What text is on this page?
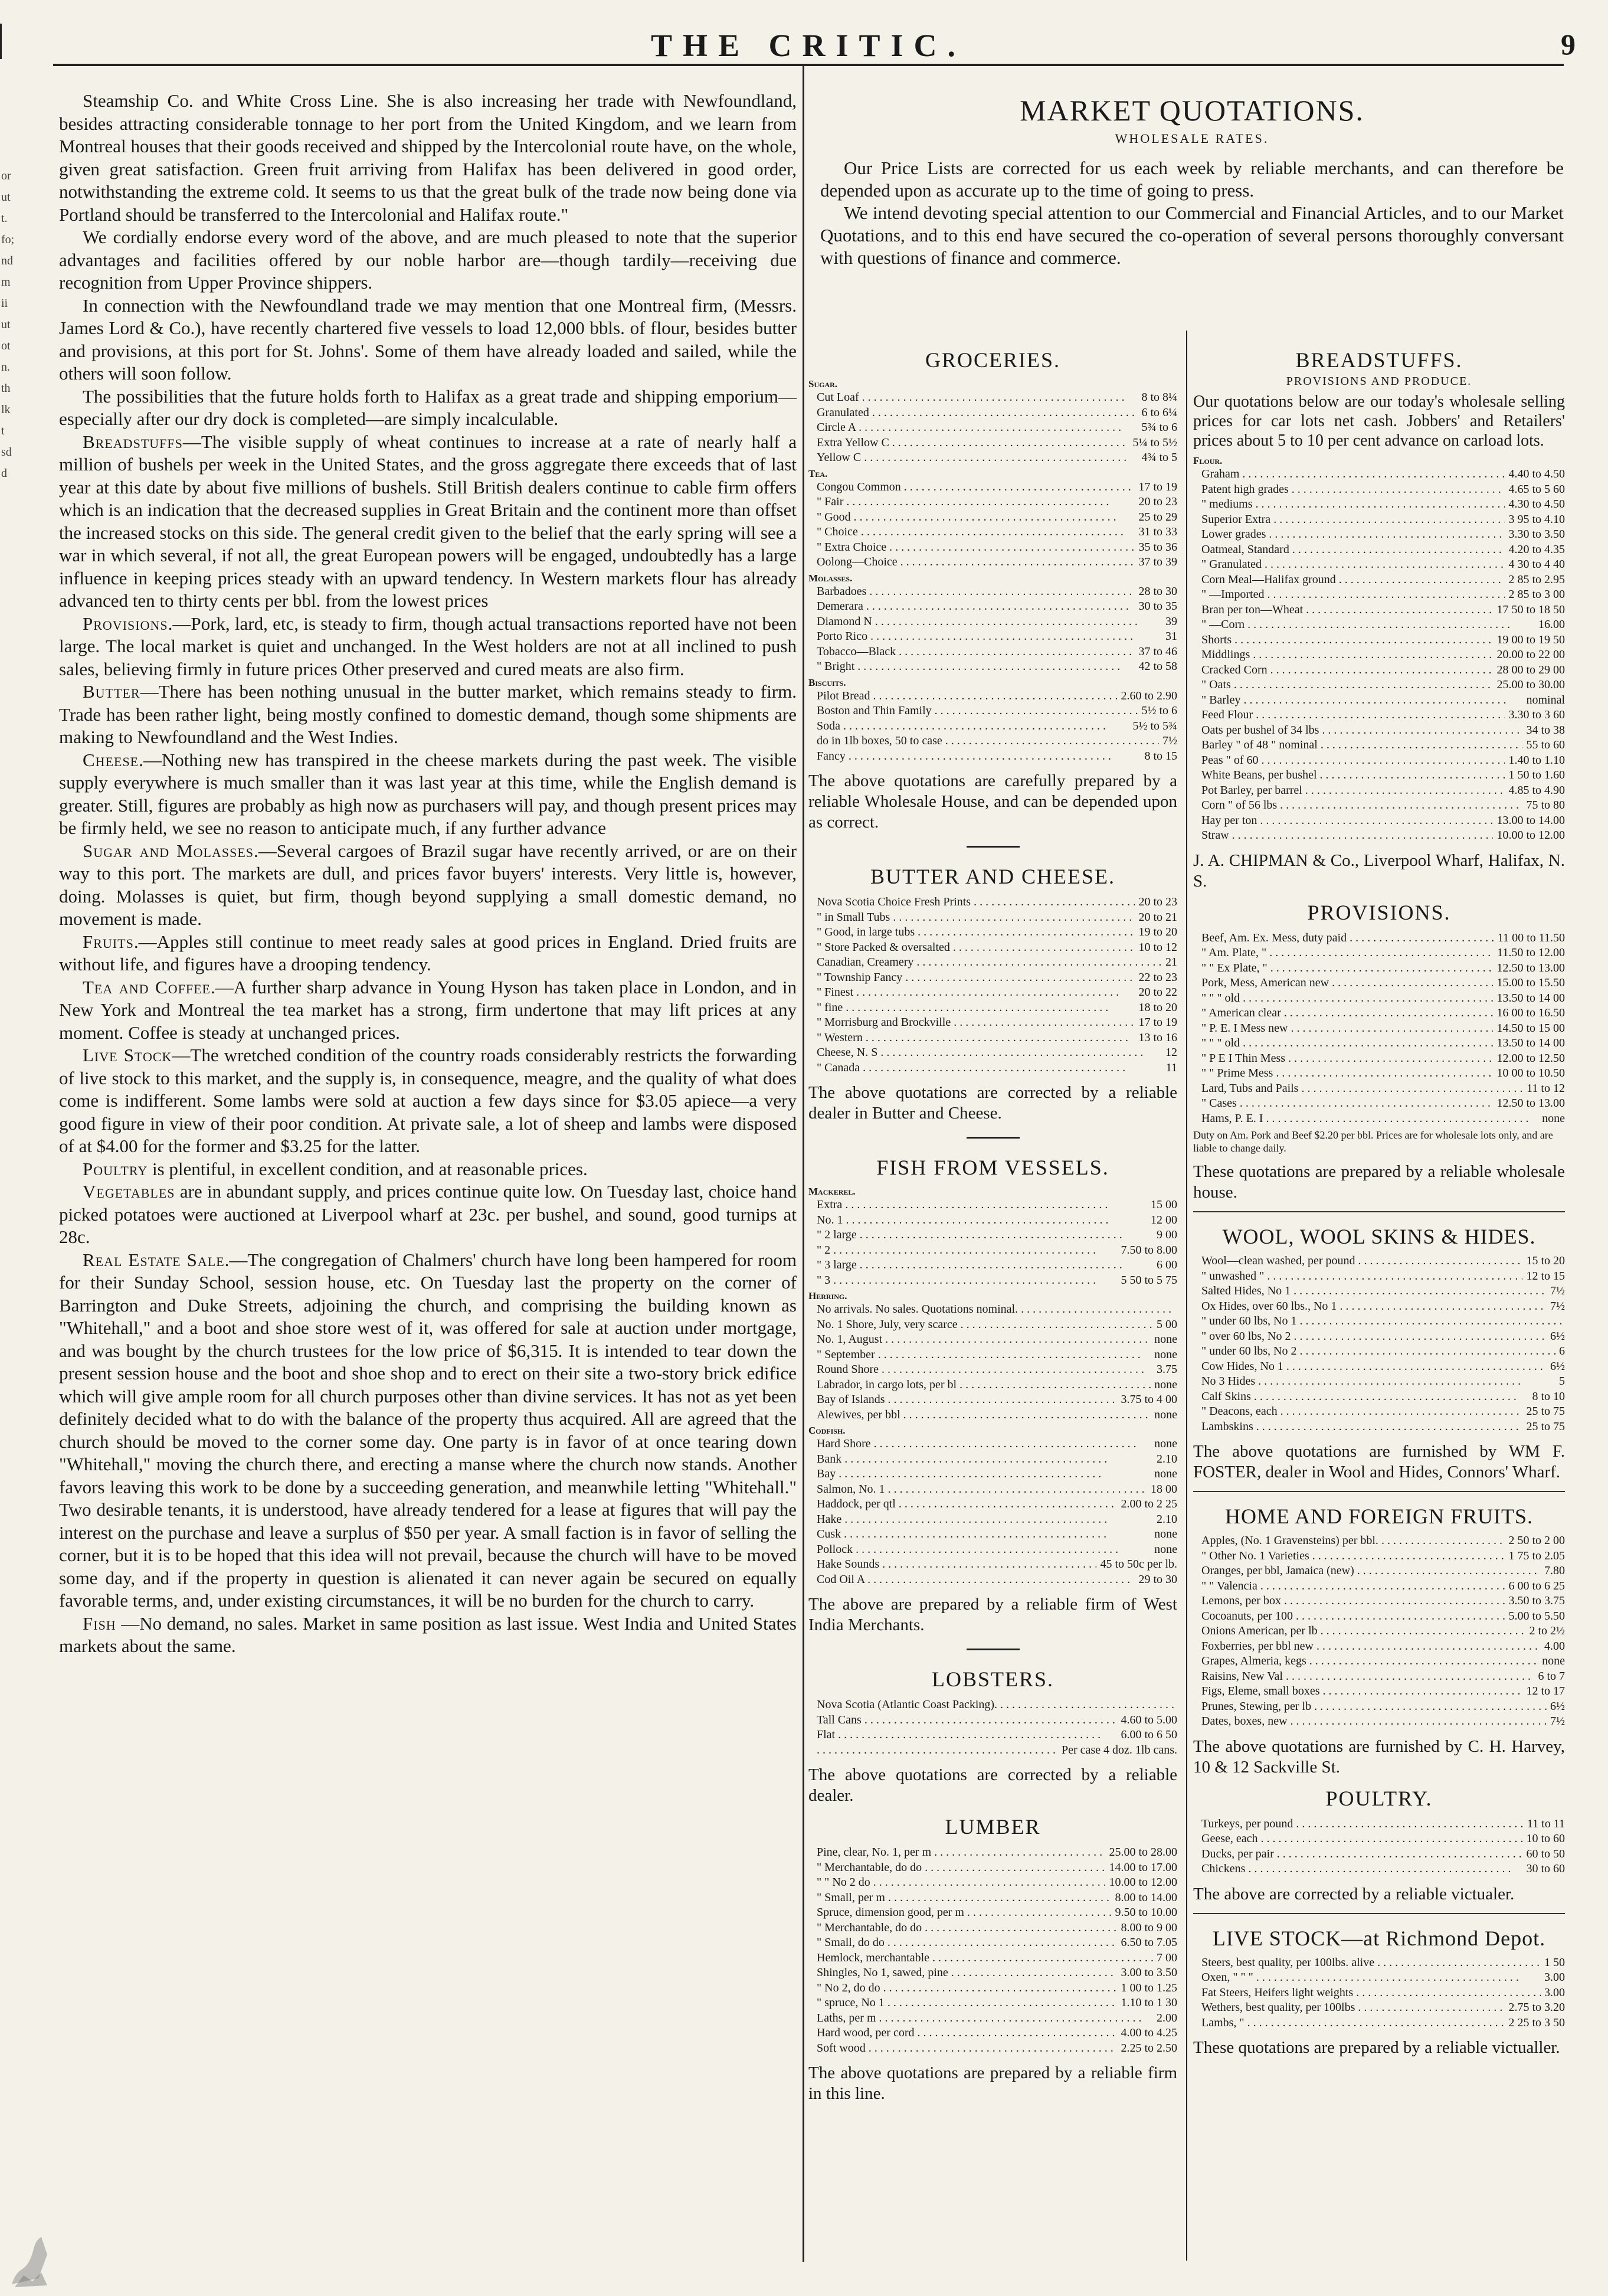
THE CRITIC.	9
or
ut
t.
fo;
nd
m
ii
ut
ot
n.
th
lk
t
sd
d

Steamship Co. and White Cross Line. She is also increasing her trade with Newfoundland, besides attracting considerable tonnage to her port from the United Kingdom, and we learn from Montreal houses that their goods received and shipped by the Intercolonial route have, on the whole, given great satisfaction. Green fruit arriving from Halifax has been delivered in good order, notwithstanding the extreme cold. It seems to us that the great bulk of the trade now being done via Portland should be transferred to the Intercolonial and Halifax route."

We cordially endorse every word of the above, and are much pleased to note that the superior advantages and facilities offered by our noble harbor are—though tardily—receiving due recognition from Upper Province shippers.

In connection with the Newfoundland trade we may mention that one Montreal firm, (Messrs. James Lord & Co.), have recently chartered five vessels to load 12,000 bbls. of flour, besides butter and provisions, at this port for St. Johns'. Some of them have already loaded and sailed, while the others will soon follow.

The possibilities that the future holds forth to Halifax as a great trade and shipping emporium—especially after our dry dock is completed—are simply incalculable.

Breadstuffs—The visible supply of wheat continues to increase at a rate of nearly half a million of bushels per week in the United States, and the gross aggregate there exceeds that of last year at this date by about five millions of bushels. Still British dealers continue to cable firm offers which is an indication that the decreased supplies in Great Britain and the continent more than offset the increased stocks on this side. The general credit given to the belief that the early spring will see a war in which several, if not all, the great European powers will be engaged, undoubtedly has a large influence in keeping prices steady with an upward tendency. In Western markets flour has already advanced ten to thirty cents per bbl. from the lowest prices

Provisions.—Pork, lard, etc, is steady to firm, though actual transactions reported have not been large. The local market is quiet and unchanged. In the West holders are not at all inclined to push sales, believing firmly in future prices Other preserved and cured meats are also firm.

Butter—There has been nothing unusual in the butter market, which remains steady to firm. Trade has been rather light, being mostly confined to domestic demand, though some shipments are making to Newfoundland and the West Indies.

Cheese.—Nothing new has transpired in the cheese markets during the past week. The visible supply everywhere is much smaller than it was last year at this time, while the English demand is greater. Still, figures are probably as high now as purchasers will pay, and though present prices may be firmly held, we see no reason to anticipate much, if any further advance

Sugar and Molasses.—Several cargoes of Brazil sugar have recently arrived, or are on their way to this port. The markets are dull, and prices favor buyers' interests. Very little is, however, doing. Molasses is quiet, but firm, though beyond supplying a small domestic demand, no movement is made.

Fruits.—Apples still continue to meet ready sales at good prices in England. Dried fruits are without life, and figures have a drooping tendency.

Tea and Coffee.—A further sharp advance in Young Hyson has taken place in London, and in New York and Montreal the tea market has a strong, firm undertone that may lift prices at any moment. Coffee is steady at unchanged prices.

Live Stock—The wretched condition of the country roads considerably restricts the forwarding of live stock to this market, and the supply is, in consequence, meagre, and the quality of what does come is indifferent. Some lambs were sold at auction a few days since for $3.05 apiece—a very good figure in view of their poor condition. At private sale, a lot of sheep and lambs were disposed of at $4.00 for the former and $3.25 for the latter.

Poultry is plentiful, in excellent condition, and at reasonable prices.

Vegetables are in abundant supply, and prices continue quite low. On Tuesday last, choice hand picked potatoes were auctioned at Liverpool wharf at 23c. per bushel, and sound, good turnips at 28c.

Real Estate Sale.—The congregation of Chalmers' church have long been hampered for room for their Sunday School, session house, etc. On Tuesday last the property on the corner of Barrington and Duke Streets, adjoining the church, and comprising the building known as "Whitehall," and a boot and shoe store west of it, was offered for sale at auction under mortgage, and was bought by the church trustees for the low price of $6,315. It is intended to tear down the present session house and the boot and shoe shop and to erect on their site a two-story brick edifice which will give ample room for all church purposes other than divine services. It has not as yet been definitely decided what to do with the balance of the property thus acquired. All are agreed that the church should be moved to the corner some day. One party is in favor of at once tearing down "Whitehall," moving the church there, and erecting a manse where the church now stands. Another favors leaving this work to be done by a succeeding generation, and meanwhile letting "Whitehall." Two desirable tenants, it is understood, have already tendered for a lease at figures that will pay the interest on the purchase and leave a surplus of $50 per year. A small faction is in favor of selling the corner, but it is to be hoped that this idea will not prevail, because the church will have to be moved some day, and if the property in question is alienated it can never again be secured on equally favorable terms, and, under existing circumstances, it will be no burden for the church to carry.

Fish —No demand, no sales. Market in same position as last issue. West India and United States markets about the same.

MARKET QUOTATIONS.
WHOLESALE RATES.

Our Price Lists are corrected for us each week by reliable merchants, and can therefore be depended upon as accurate up to the time of going to press.

We intend devoting special attention to our Commercial and Financial Articles, and to our Market Quotations, and to this end have secured the co-operation of several persons thoroughly conversant with questions of finance and commerce.

GROCERIES.
Sugar.
Cut Loaf . . .	8 to 8¼
Granulated . . .	6 to 6¼
Circle A . . .	5¾ to 6
Extra Yellow C . . .	5¼ to 5½
Yellow C . . .	4¾ to 5
Tea.
Congou Common . . .	17 to 19
" Fair . . .	20 to 23
" Good . . .	25 to 29
" Choice . . .	31 to 33
" Extra Choice . . .	35 to 36
Oolong—Choice . . .	37 to 39
Molasses.
Barbadoes . . .	28 to 30
Demerara . . .	30 to 35
Diamond N . . .	39
Porto Rico . . .	31
Tobacco—Black . . .	37 to 46
" Bright . . .	42 to 58
Biscuits.
Pilot Bread . . .	2.60 to 2.90
Boston and Thin Family . . .	5½ to 6
Soda . . .	5½ to 5¾
do in 1lb boxes, 50 to case . . .	7½
Fancy . . .	8 to 15
The above quotations are carefully prepared by a reliable Wholesale House, and can be depended upon as correct.
BUTTER AND CHEESE.
Nova Scotia Choice Fresh Prints . . .	20 to 23
" in Small Tubs . . .	20 to 21
" Good, in large tubs . . .	19 to 20
" Store Packed & oversalted . . .	10 to 12
Canadian, Creamery . . .	21
" Township Fancy . . .	22 to 23
" Finest . . .	20 to 22
" fine . . .	18 to 20
" Morrisburg and Brockville . . .	17 to 19
" Western . . .	13 to 16
Cheese, N. S . . .	12
" Canada . . .	11
The above quotations are corrected by a reliable dealer in Butter and Cheese.
FISH FROM VESSELS.
Mackerel.
Extra . . .	15 00
No. 1 . . .	12 00
" 2 large . . .	9 00
" 2 . . .	7.50 to 8.00
" 3 large . . .	6 00
" 3 . . .	5 50 to 5 75
Herring.
No arrivals. No sales. Quotations nominal. . . .
No. 1 Shore, July, very scarce . . .	5 00
No. 1, August . . .	none
" September . . .	none
Round Shore . . .	3.75
Labrador, in cargo lots, per bl . . .	none
Bay of Islands . . .	3.75 to 4 00
Alewives, per bbl . . .	none
Codfish.
Hard Shore . . .	none
Bank . . .	2.10
Bay . . .	none
Salmon, No. 1 . . .	18 00
Haddock, per qtl . . .	2.00 to 2 25
Hake . . .	2.10
Cusk . . .	none
Pollock . . .	none
Hake Sounds . . .	45 to 50c per lb.
Cod Oil A . . .	29 to 30
The above are prepared by a reliable firm of West India Merchants.
LOBSTERS.
Nova Scotia (Atlantic Coast Packing). . . .
Tall Cans . . .	4.60 to 5.00
Flat . . .	6.00 to 6 50
. . .
Per case 4 doz. 1lb cans.
The above quotations are corrected by a reliable dealer.
LUMBER
Pine, clear, No. 1, per m . . .	25.00 to 28.00
" Merchantable, do do . . .	14.00 to 17.00
" " No 2 do . . .	10.00 to 12.00
" Small, per m . . .	8.00 to 14.00
Spruce, dimension good, per m . . .	9.50 to 10.00
" Merchantable, do do . . .	8.00 to 9 00
" Small, do do . . .	6.50 to 7.05
Hemlock, merchantable . . .	7 00
Shingles, No 1, sawed, pine . . .	3.00 to 3.50
" No 2, do do . . .	1 00 to 1.25
" spruce, No 1 . . .	1.10 to 1 30
Laths, per m . . .	2.00
Hard wood, per cord . . .	4.00 to 4.25
Soft wood . . .	2.25 to 2.50
The above quotations are prepared by a reliable firm in this line.
BREADSTUFFS.
PROVISIONS AND PRODUCE.
Our quotations below are our today's wholesale selling prices for car lots net cash. Jobbers' and Retailers' prices about 5 to 10 per cent advance on carload lots.
Flour.
Graham . . .	4.40 to 4.50
Patent high grades . . .	4.65 to 5 60
" mediums . . .	4.30 to 4.50
Superior Extra . . .	3 95 to 4.10
Lower grades . . .	3.30 to 3.50
Oatmeal, Standard . . .	4.20 to 4.35
" Granulated . . .	4 30 to 4 40
Corn Meal—Halifax ground . . .	2 85 to 2.95
" —Imported . . .	2 85 to 3 00
Bran per ton—Wheat . . .	17 50 to 18 50
" —Corn . . .	16.00
Shorts . . .	19 00 to 19 50
Middlings . . .	20.00 to 22 00
Cracked Corn . . .	28 00 to 29 00
" Oats . . .	25.00 to 30.00
" Barley . . .	nominal
Feed Flour . . .	3.30 to 3 60
Oats per bushel of 34 lbs . . .	34 to 38
Barley " of 48 " nominal . . .	55 to 60
Peas " of 60 . . .	1.40 to 1.10
White Beans, per bushel . . .	1 50 to 1.60
Pot Barley, per barrel . . .	4.85 to 4.90
Corn " of 56 lbs . . .	75 to 80
Hay per ton . . .	13.00 to 14.00
Straw . . .	10.00 to 12.00
J. A. CHIPMAN & Co., Liverpool Wharf, Halifax, N. S.
PROVISIONS.
Beef, Am. Ex. Mess, duty paid . . .	11 00 to 11.50
" Am. Plate, " . . .	11.50 to 12.00
" " Ex Plate, " . . .	12.50 to 13.00
Pork, Mess, American new . . .	15.00 to 15.50
" " " old . . .	13.50 to 14 00
" American clear . . .	16 00 to 16.50
" P. E. I Mess new . . .	14.50 to 15 00
" " " old . . .	13.50 to 14 00
" P E I Thin Mess . . .	12.00 to 12.50
" " Prime Mess . . .	10 00 to 10.50
Lard, Tubs and Pails . . .	11 to 12
" Cases . . .	12.50 to 13.00
Hams, P. E. I . . .	none
Duty on Am. Pork and Beef $2.20 per bbl. Prices are for wholesale lots only, and are liable to change daily.
These quotations are prepared by a reliable wholesale house.
WOOL, WOOL SKINS & HIDES.
Wool—clean washed, per pound . . .	15 to 20
" unwashed " . . .	12 to 15
Salted Hides, No 1 . . .	7½
Ox Hides, over 60 lbs., No 1 . . .	7½
" under 60 lbs, No 1 . . .
" over 60 lbs, No 2 . . .	6½
" under 60 lbs, No 2 . . .	6
Cow Hides, No 1 . . .	6½
No 3 Hides . . .	5
Calf Skins . . .	8 to 10
" Deacons, each . . .	25 to 75
Lambskins . . .	25 to 75
The above quotations are furnished by WM F. FOSTER, dealer in Wool and Hides, Connors' Wharf.
HOME AND FOREIGN FRUITS.
Apples, (No. 1 Gravensteins) per bbl. . . .	2 50 to 2 00
" Other No. 1 Varieties . . .	1 75 to 2.05
Oranges, per bbl, Jamaica (new) . . .	7.80
" " Valencia . . .	6 00 to 6 25
Lemons, per box . . .	3.50 to 3.75
Cocoanuts, per 100 . . .	5.00 to 5.50
Onions American, per lb . . .	2 to 2½
Foxberries, per bbl new . . .	4.00
Grapes, Almeria, kegs . . .	none
Raisins, New Val . . .	6 to 7
Figs, Eleme, small boxes . . .	12 to 17
Prunes, Stewing, per lb . . .	6½
Dates, boxes, new . . .	7½
The above quotations are furnished by C. H. Harvey, 10 & 12 Sackville St.
POULTRY.
Turkeys, per pound . . .	11 to 11
Geese, each . . .	10 to 60
Ducks, per pair . . .	60 to 50
Chickens . . .	30 to 60
The above are corrected by a reliable victualer.
LIVE STOCK—at Richmond Depot.
Steers, best quality, per 100lbs. alive . . .	1 50
Oxen, " " " . . .	3.00
Fat Steers, Heifers light weights . . .	3.00
Wethers, best quality, per 100lbs . . .	2.75 to 3.20
Lambs, " . . .	2 25 to 3 50
These quotations are prepared by a reliable victualler.
